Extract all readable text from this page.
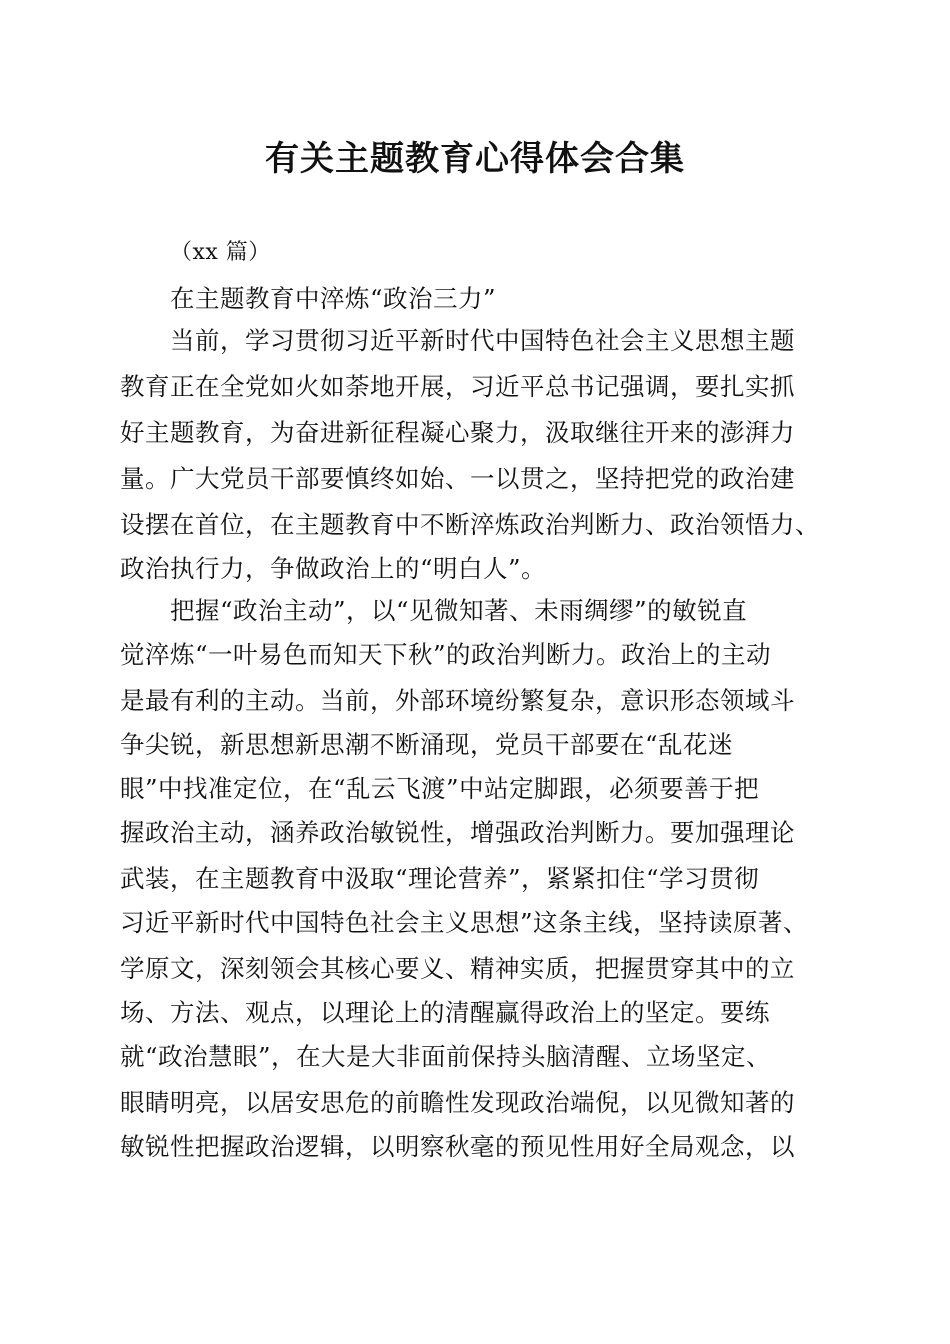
有关主题教育心得体会合集
（xx 篇）
在主题教育中淬炼“政治三力”
当前，学习贯彻习近平新时代中国特色社会主义思想主题
教育正在全党如火如荼地开展，习近平总书记强调，要扎实抓
好主题教育，为奋进新征程凝心聚力，汲取继往开来的澎湃力
量。广大党员干部要慎终如始、一以贯之，坚持把党的政治建
设摆在首位，在主题教育中不断淬炼政治判断力、政治领悟力、
政治执行力，争做政治上的“明白人”。
把握“政治主动”，以“见微知著、未雨绸缪”的敏锐直
觉淬炼“一叶易色而知天下秋”的政治判断力。政治上的主动
是最有利的主动。当前，外部环境纷繁复杂，意识形态领域斗
争尖锐，新思想新思潮不断涌现，党员干部要在“乱花迷
眼”中找准定位，在“乱云飞渡”中站定脚跟，必须要善于把
握政治主动，涵养政治敏锐性，增强政治判断力。要加强理论
武装，在主题教育中汲取“理论营养”，紧紧扣住“学习贯彻
习近平新时代中国特色社会主义思想”这条主线，坚持读原著、
学原文，深刻领会其核心要义、精神实质，把握贯穿其中的立
场、方法、观点，以理论上的清醒赢得政治上的坚定。要练
就“政治慧眼”，在大是大非面前保持头脑清醒、立场坚定、
眼睛明亮，以居安思危的前瞻性发现政治端倪，以见微知著的
敏锐性把握政治逻辑，以明察秋毫的预见性用好全局观念，以
